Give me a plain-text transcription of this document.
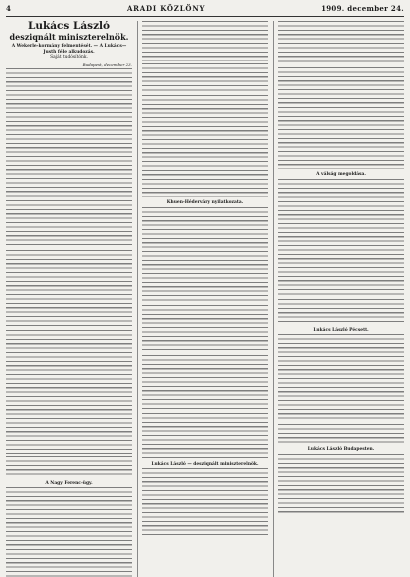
4	ARADI KÖZLÖNY	1909. december 24.
Lukács László
desziqnált miniszterelnök.
A Wekerle-kormány felmentését. — A Lukács—Justh féle alkudozás.
Saját tudósítónk.
Budapest, december 23.
A Nagy Ferenc-ügy.
Khuen-Héderváry nyilatkozata.
Lukács László — desziqnált miniszterelnök.
A válság megoldása.
Lukács László Pécsett.
Lukács László Budapesten.
